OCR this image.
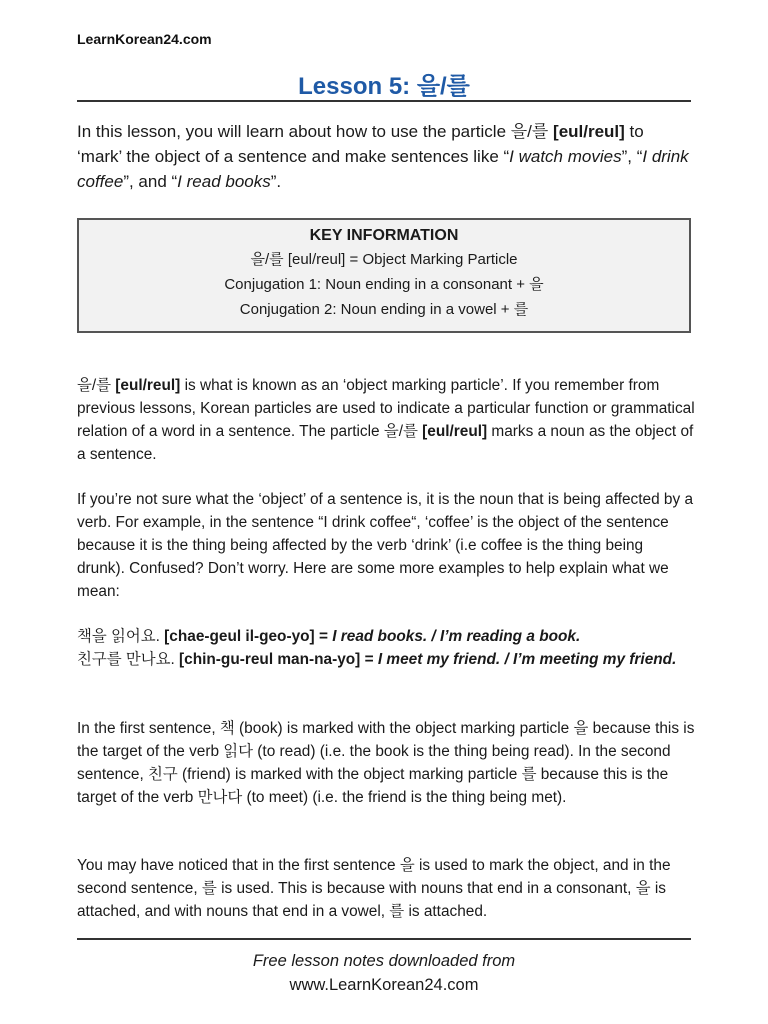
LearnKorean24.com
Lesson 5: 을/를

In this lesson, you will learn about how to use the particle 을/를 [eul/reul] to ‘mark’ the object of a sentence and make sentences like “I watch movies”, “I drink coffee”, and “I read books”.

KEY INFORMATION
을/를 [eul/reul] = Object Marking Particle
Conjugation 1: Noun ending in a consonant + 을
Conjugation 2: Noun ending in a vowel + 를

을/를 [eul/reul] is what is known as an ‘object marking particle’. If you remember from previous lessons, Korean particles are used to indicate a particular function or grammatical relation of a word in a sentence. The particle 을/를 [eul/reul] marks a noun as the object of a sentence.

If you’re not sure what the ‘object’ of a sentence is, it is the noun that is being affected by a verb. For example, in the sentence “I drink coffee“, ‘coffee’ is the object of the sentence because it is the thing being affected by the verb ‘drink’ (i.e coffee is the thing being drunk). Confused? Don’t worry. Here are some more examples to help explain what we mean:

책을 읽어요. [chae-geul il-geo-yo] = I read books. / I’m reading a book.
친구를 만나요. [chin-gu-reul man-na-yo] = I meet my friend. / I’m meeting my friend.

In the first sentence, 책 (book) is marked with the object marking particle 을 because this is the target of the verb 읽다 (to read) (i.e. the book is the thing being read). In the second sentence, 친구 (friend) is marked with the object marking particle 를 because this is the target of the verb 만나다 (to meet) (i.e. the friend is the thing being met).

You may have noticed that in the first sentence 을 is used to mark the object, and in the second sentence, 를 is used. This is because with nouns that end in a consonant, 을 is attached, and with nouns that end in a vowel, 를 is attached.

Free lesson notes downloaded from
www.LearnKorean24.com
